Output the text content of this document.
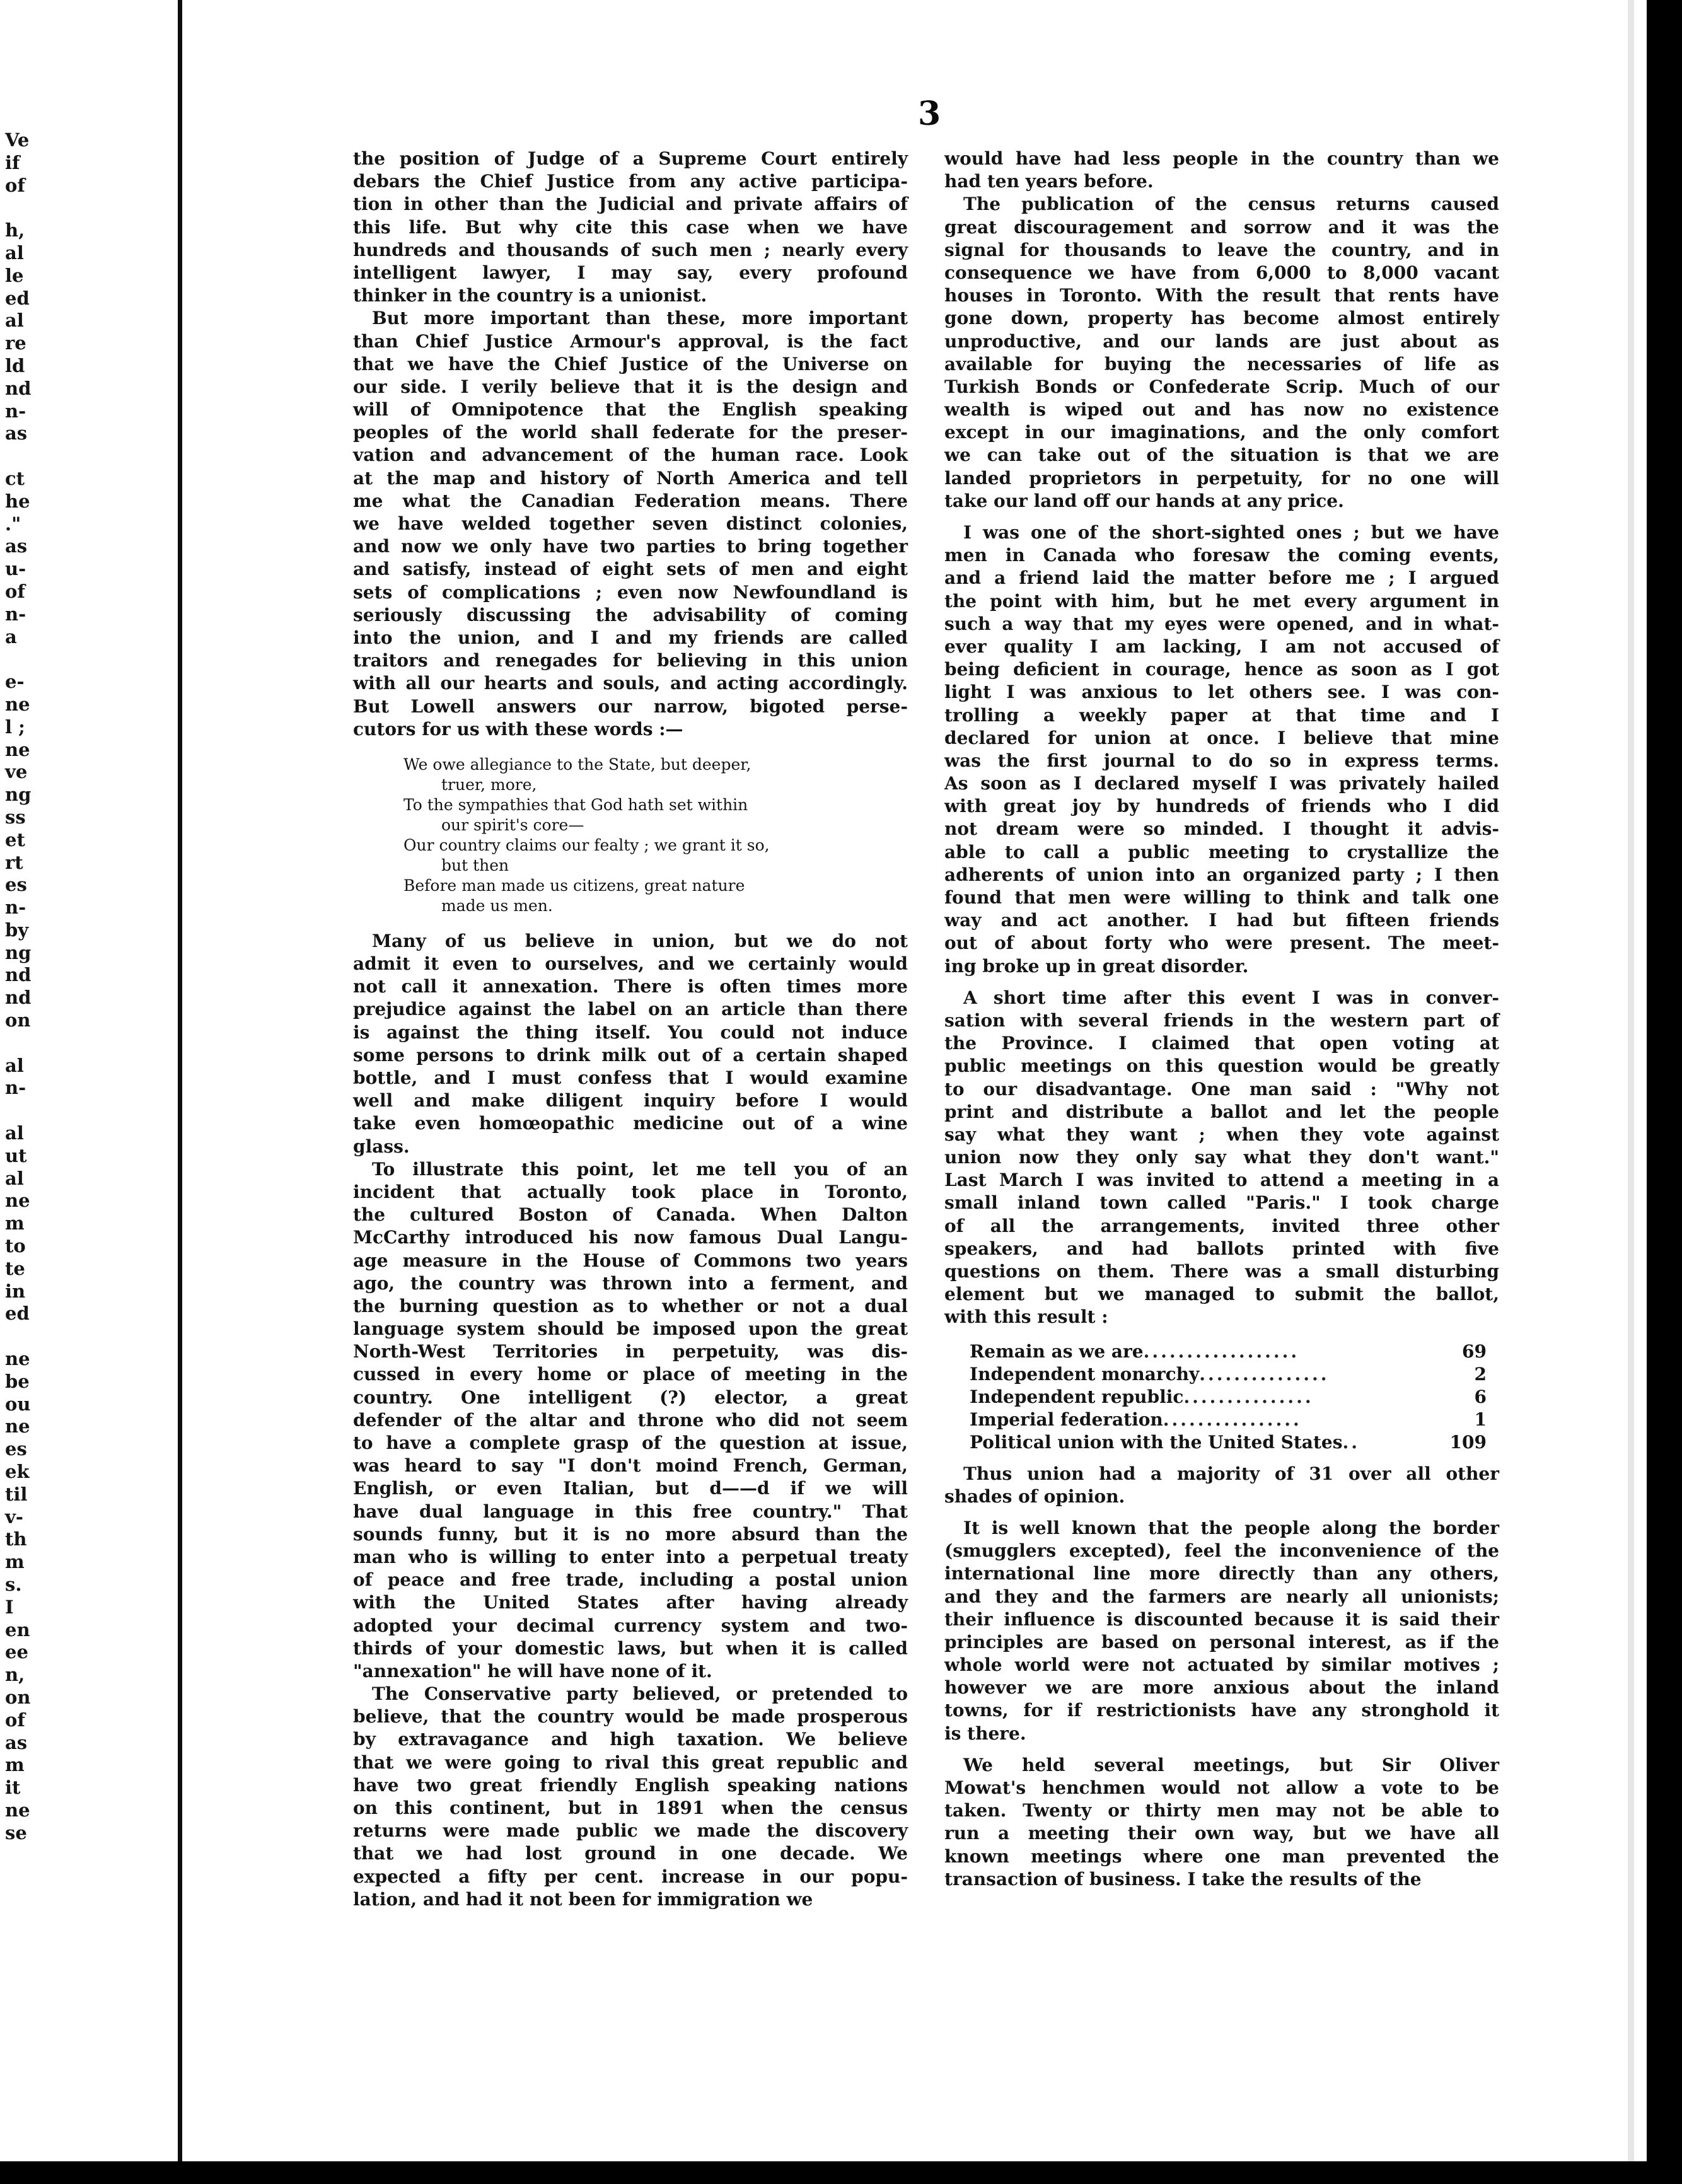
Ve
if
of
h,
al
le
ed
al
re
ld
nd
n-
as
ct
he
."
as
u-
of
n-
a
e-
ne
l ;
ne
ve
ng
ss
et
rt
es
n-
by
ng
nd
nd
on
al
n-
al
ut
al
ne
m
to
te
in
ed
ne
be
ou
ne
es
ek
til
v-
th
m
s.
I
en
ee
n,
on
of
as
m
it
ne
se
3
the position of Judge of a Supreme Court entirely
debars the Chief Justice from any active participa-
tion in other than the Judicial and private affairs of
this life. But why cite this case when we have
hundreds and thousands of such men ; nearly every
intelligent lawyer, I may say, every profound
thinker in the country is a unionist.
But more important than these, more important
than Chief Justice Armour's approval, is the fact
that we have the Chief Justice of the Universe on
our side. I verily believe that it is the design and
will of Omnipotence that the English speaking
peoples of the world shall federate for the preser-
vation and advancement of the human race. Look
at the map and history of North America and tell
me what the Canadian Federation means. There
we have welded together seven distinct colonies,
and now we only have two parties to bring together
and satisfy, instead of eight sets of men and eight
sets of complications ; even now Newfoundland is
seriously discussing the advisability of coming
into the union, and I and my friends are called
traitors and renegades for believing in this union
with all our hearts and souls, and acting accordingly.
But Lowell answers our narrow, bigoted perse-
cutors for us with these words :—
We owe allegiance to the State, but deeper,
truer, more,
To the sympathies that God hath set within
our spirit's core—
Our country claims our fealty ; we grant it so,
but then
Before man made us citizens, great nature
made us men.
Many of us believe in union, but we do not
admit it even to ourselves, and we certainly would
not call it annexation. There is often times more
prejudice against the label on an article than there
is against the thing itself. You could not induce
some persons to drink milk out of a certain shaped
bottle, and I must confess that I would examine
well and make diligent inquiry before I would
take even homœopathic medicine out of a wine
glass.
To illustrate this point, let me tell you of an
incident that actually took place in Toronto,
the cultured Boston of Canada. When Dalton
McCarthy introduced his now famous Dual Langu-
age measure in the House of Commons two years
ago, the country was thrown into a ferment, and
the burning question as to whether or not a dual
language system should be imposed upon the great
North-West Territories in perpetuity, was dis-
cussed in every home or place of meeting in the
country. One intelligent (?) elector, a great
defender of the altar and throne who did not seem
to have a complete grasp of the question at issue,
was heard to say "I don't moind French, German,
English, or even Italian, but d——d if we will
have dual language in this free country." That
sounds funny, but it is no more absurd than the
man who is willing to enter into a perpetual treaty
of peace and free trade, including a postal union
with the United States after having already
adopted your decimal currency system and two-
thirds of your domestic laws, but when it is called
"annexation" he will have none of it.
The Conservative party believed, or pretended to
believe, that the country would be made prosperous
by extravagance and high taxation. We believe
that we were going to rival this great republic and
have two great friendly English speaking nations
on this continent, but in 1891 when the census
returns were made public we made the discovery
that we had lost ground in one decade. We
expected a fifty per cent. increase in our popu-
lation, and had it not been for immigration we
would have had less people in the country than we
had ten years before.
The publication of the census returns caused
great discouragement and sorrow and it was the
signal for thousands to leave the country, and in
consequence we have from 6,000 to 8,000 vacant
houses in Toronto. With the result that rents have
gone down, property has become almost entirely
unproductive, and our lands are just about as
available for buying the necessaries of life as
Turkish Bonds or Confederate Scrip. Much of our
wealth is wiped out and has now no existence
except in our imaginations, and the only comfort
we can take out of the situation is that we are
landed proprietors in perpetuity, for no one will
take our land off our hands at any price.
I was one of the short-sighted ones ; but we have
men in Canada who foresaw the coming events,
and a friend laid the matter before me ; I argued
the point with him, but he met every argument in
such a way that my eyes were opened, and in what-
ever quality I am lacking, I am not accused of
being deficient in courage, hence as soon as I got
light I was anxious to let others see. I was con-
trolling a weekly paper at that time and I
declared for union at once. I believe that mine
was the first journal to do so in express terms.
As soon as I declared myself I was privately hailed
with great joy by hundreds of friends who I did
not dream were so minded. I thought it advis-
able to call a public meeting to crystallize the
adherents of union into an organized party ; I then
found that men were willing to think and talk one
way and act another. I had but fifteen friends
out of about forty who were present. The meet-
ing broke up in great disorder.
A short time after this event I was in conver-
sation with several friends in the western part of
the Province. I claimed that open voting at
public meetings on this question would be greatly
to our disadvantage. One man said : "Why not
print and distribute a ballot and let the people
say what they want ; when they vote against
union now they only say what they don't want."
Last March I was invited to attend a meeting in a
small inland town called "Paris." I took charge
of all the arrangements, invited three other
speakers, and had ballots printed with five
questions on them. There was a small disturbing
element but we managed to submit the ballot,
with this result :
Remain as we are ..................	69
Independent monarchy ...............	2
Independent republic ...............	6
Imperial federation ................	1
Political union with the United States ..	109
Thus union had a majority of 31 over all other
shades of opinion.
It is well known that the people along the border
(smugglers excepted), feel the inconvenience of the
international line more directly than any others,
and they and the farmers are nearly all unionists;
their influence is discounted because it is said their
principles are based on personal interest, as if the
whole world were not actuated by similar motives ;
however we are more anxious about the inland
towns, for if restrictionists have any stronghold it
is there.
We held several meetings, but Sir Oliver
Mowat's henchmen would not allow a vote to be
taken. Twenty or thirty men may not be able to
run a meeting their own way, but we have all
known meetings where one man prevented the
transaction of business. I take the results of the
